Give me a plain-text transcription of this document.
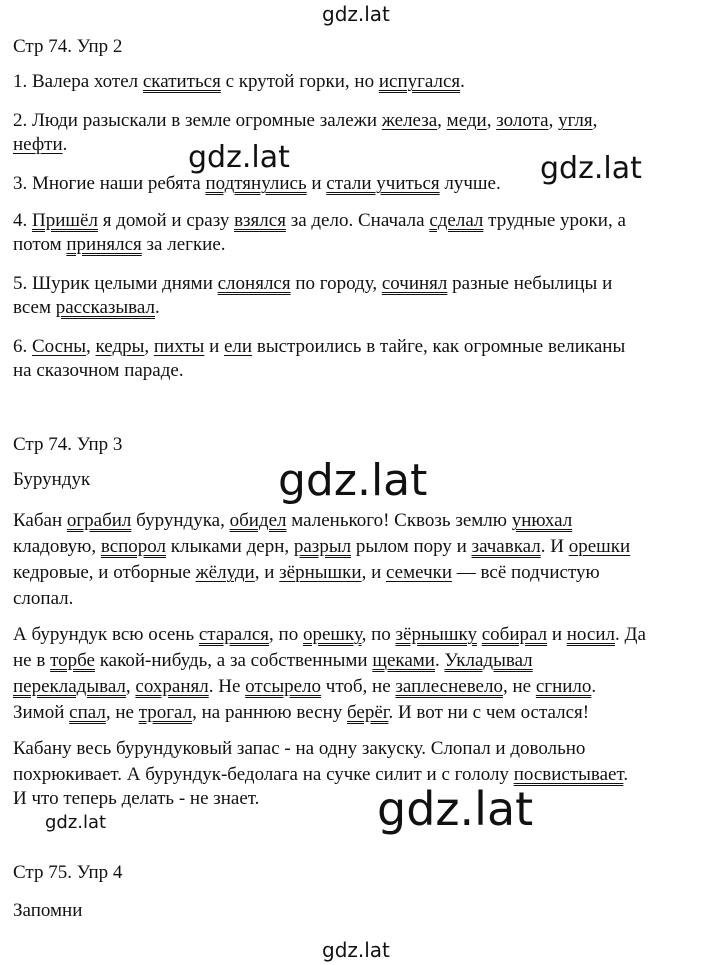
gdz.lat
gdz.lat	gdz.lat
gdz.lat
gdz.lat
gdz.lat
gdz.lat
Стр 74. Упр 2
1. Валера хотел скатиться с крутой горки, но испугался.
2. Люди разыскали в земле огромные залежи железа, меди, золота, угля,
нефти.
3. Многие наши ребята подтянулись и стали учиться лучше.
4. Пришёл я домой и сразу взялся за дело. Сначала сделал трудные уроки, а
потом принялся за легкие.
5. Шурик целыми днями слонялся по городу, сочинял разные небылицы и
всем рассказывал.
6. Сосны, кедры, пихты и ели выстроились в тайге, как огромные великаны
на сказочном параде.
Стр 74. Упр 3
Бурундук
Кабан ограбил бурундука, обидел маленького! Сквозь землю унюхал
кладовую, вспорол клыками дерн, разрыл рылом пору и зачавкал. И орешки
кедровые, и отборные жёлуди, и зёрнышки, и семечки — всё подчистую
слопал.
А бурундук всю осень старался, по орешку, по зёрнышку собирал и носил. Да
не в торбе какой-нибудь, а за собственными щеками. Укладывал
перекладывал, сохранял. Не отсырело чтоб, не заплесневело, не сгнило.
Зимой спал, не трогал, на раннюю весну берёг. И вот ни с чем остался!
Кабану весь бурундуковый запас - на одну закуску. Слопал и довольно
похрюкивает. А бурундук-бедолага на сучке силит и с гололу посвистывает.
И что теперь делать - не знает.
Стр 75. Упр 4
Запомни
